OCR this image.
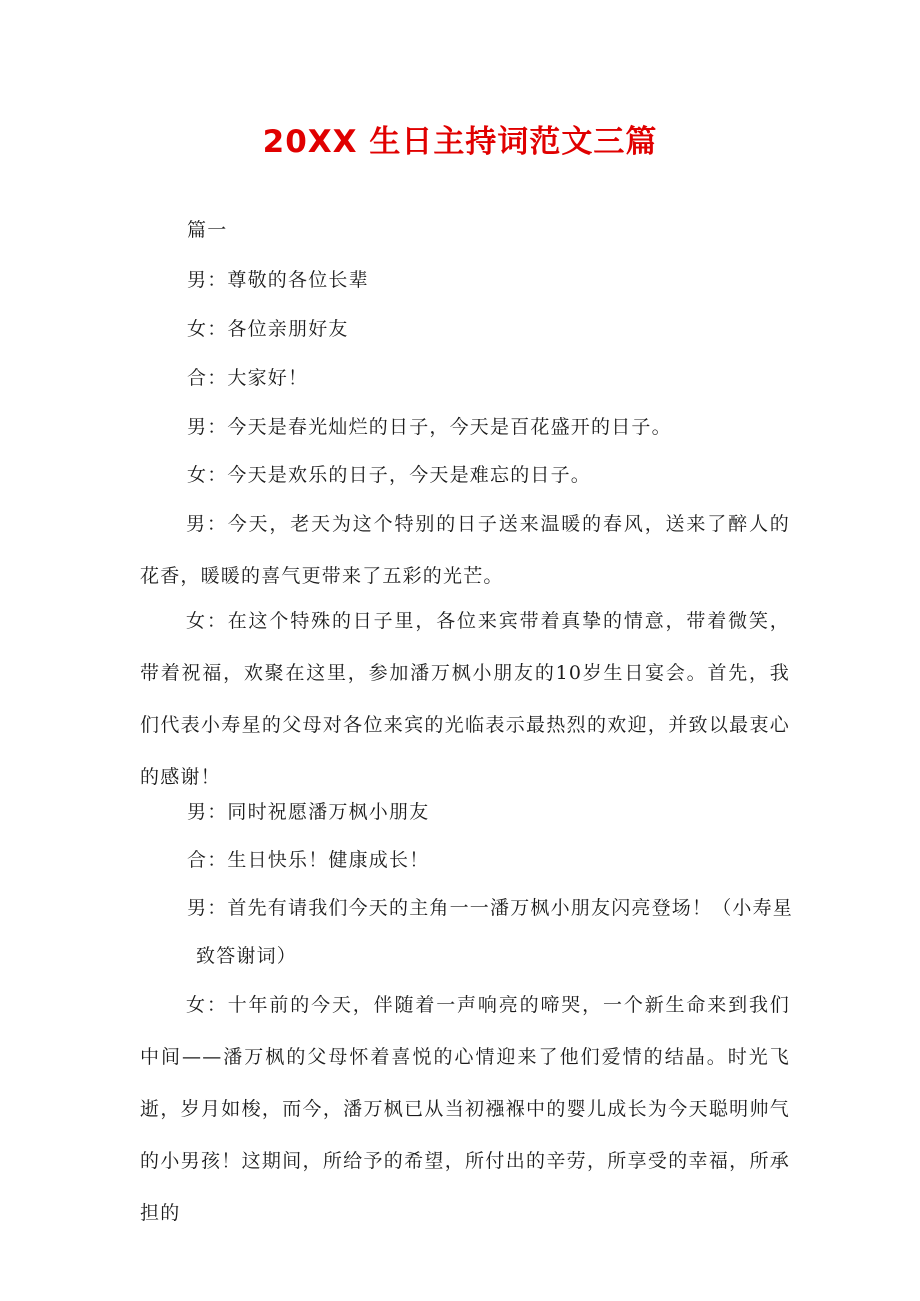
20XX 生日主持词范文三篇
篇一
男：尊敬的各位长辈
女：各位亲朋好友
合：大家好！
男：今天是春光灿烂的日子，今天是百花盛开的日子。
女：今天是欢乐的日子，今天是难忘的日子。

男：今天，老天为这个特别的日子送来温暖的春风，送来了醉人的花香，暖暖的喜气更带来了五彩的光芒。

女：在这个特殊的日子里，各位来宾带着真挚的情意，带着微笑，带着祝福，欢聚在这里，参加潘万枫小朋友的10岁生日宴会。首先，我们代表小寿星的父母对各位来宾的光临表示最热烈的欢迎，并致以最衷心的感谢！

男：同时祝愿潘万枫小朋友
合：生日快乐！健康成长！
男：首先有请我们今天的主角一一潘万枫小朋友闪亮登场！（小寿星
致答谢词）

女：十年前的今天，伴随着一声响亮的啼哭，一个新生命来到我们中间——潘万枫的父母怀着喜悦的心情迎来了他们爱情的结晶。时光飞逝，岁月如梭，而今，潘万枫已从当初襁褓中的婴儿成长为今天聪明帅气的小男孩！这期间，所给予的希望，所付出的辛劳，所享受的幸福，所承担的
